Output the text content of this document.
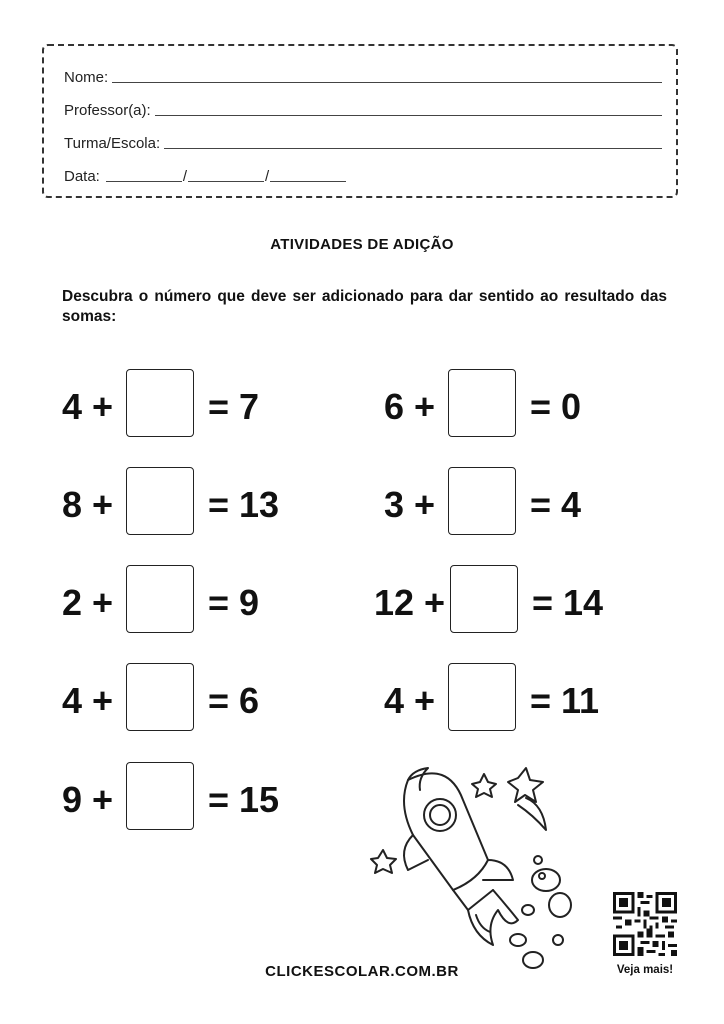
Nome:
Professor(a):
Turma/Escola:
Data:	/	/
ATIVIDADES DE ADIÇÃO
Descubra o número que deve ser adicionado para dar sentido ao resultado das somas:
4 +	= 7
8 +	= 13
2 +	= 9
4 +	= 6
9 +	= 15
6 +	= 0
3 +	= 4
12 + = 14
4 +	= 11
Veja mais!
CLICKESCOLAR.COM.BR
